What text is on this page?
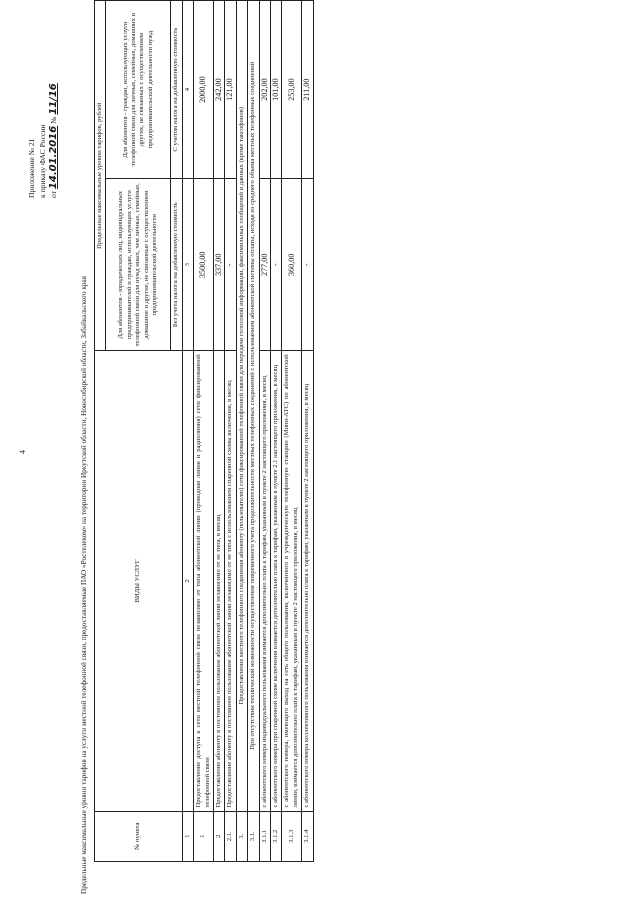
4
Приложение № 21 к приказу ФАС России от 14.01.2016 № 11/16
Предельные максимальные уровни тарифов на услуги местной телефонной связи, предоставляемые ПАО «Ростелеком» на территории Иркутской области, Новосибирской области, Забайкальского края	№ пункта	ВИДЫ УСЛУГ	Предельные максимальные уровни тарифов, рублей	
		Для абонентов - юридических лиц, индивидуальных предпринимателей и граждан, использующих услуги телефонной связи для нужд иных, чем личные, семейные, домашние и другие, не связанные с осуществлением предпринимательской деятельности	Для абонентов - граждан, использующих услуги телефонной связи для личных, семейных, домашних и других, не связанных с осуществлением предпринимательской деятельности нужд
		Без учета налога на добавленную стоимость	С учетом налога на добавленную стоимость
1	2	3	4
1	Предоставление доступа к сети местной телефонной связи независимо от типа абонентской линии (проводная линия и радиолиния) сети фиксированной телефонной связи	3500,00	2000,00
2	Предоставление абоненту в постоянное пользование абонентской линии независимо от ее типа, в месяц	337,00	242,00
2.1.	Предоставление абоненту в постоянное пользование абонентской линии независимо от ее типа с использованием спаренной схемы включения, в месяц	-	121,00
3.	Предоставление местного телефонного соединения абоненту (пользователю) сети фиксированной телефонной связи для передачи голосовой информации, факсимильных сообщений и данных (кроме таксофонов)		
3.1.	При отсутствии технической возможности осуществления повременного учета продолжительности местных телефонных соединений с использованием абонентской системы оплаты, исходя из среднего объема местных телефонных соединений		
3.1.1	с абонентского номера индивидуального пользования взимается дополнительно плата к тарифам, указанным в пункте 2 настоящего приложения, в месяц	277,00	202,00
3.1.2	с абонентского номера при спаренной схеме включения взимается дополнительно плата к тарифам, указанным в пункте 2.1 настоящего приложения, в месяц	-	101,00
3.1.3	с абонентского номера, имеющего выход на сеть общего пользования, включенного в учрежденческую телефонную станцию (Мини-АТС) по абонентской линии, взимается дополнительно плата к тарифам, указанным в пункте 2 настоящего приложения, в месяц	360,00	253,00
3.1.4	с абонентского номера коллективного пользования взимается дополнительно плата к тарифам, указанным в пункте 2 настоящего приложения, в месяц	-	211,00
